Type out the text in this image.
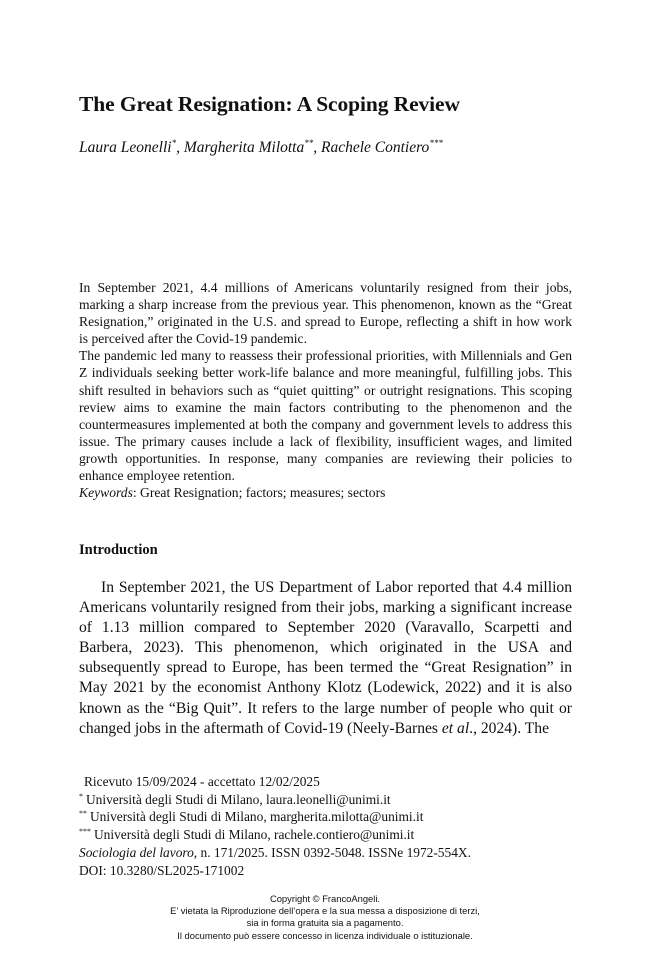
The Great Resignation: A Scoping Review
Laura Leonelli*, Margherita Milotta**, Rachele Contiero***

In September 2021, 4.4 millions of Americans voluntarily resigned from their jobs, marking a sharp increase from the previous year. This phenomenon, known as the “Great Resignation,” originated in the U.S. and spread to Europe, reflecting a shift in how work is perceived after the Covid-19 pandemic.

The pandemic led many to reassess their professional priorities, with Millennials and Gen Z individuals seeking better work-life balance and more meaningful, fulfilling jobs. This shift resulted in behaviors such as “quiet quitting” or outright resignations. This scoping review aims to examine the main factors contributing to the phenomenon and the countermeasures implemented at both the company and government levels to address this issue. The primary causes include a lack of flexibility, insufficient wages, and limited growth opportunities. In response, many companies are reviewing their policies to enhance employee retention.

Keywords: Great Resignation; factors; measures; sectors

Introduction

In September 2021, the US Department of Labor reported that 4.4 million Americans voluntarily resigned from their jobs, marking a significant increase of 1.13 million compared to September 2020 (Varavallo, Scarpetti and Barbera, 2023). This phenomenon, which originated in the USA and subsequently spread to Europe, has been termed the “Great Resignation” in May 2021 by the economist Anthony Klotz (Lodewick, 2022) and it is also known as the “Big Quit”. It refers to the large number of people who quit or changed jobs in the aftermath of Covid-19 (Neely-Barnes et al., 2024). The

Ricevuto 15/09/2024 - accettato 12/02/2025
* Università degli Studi di Milano, laura.leonelli@unimi.it
** Università degli Studi di Milano, margherita.milotta@unimi.it
*** Università degli Studi di Milano, rachele.contiero@unimi.it
Sociologia del lavoro, n. 171/2025. ISSN 0392-5048. ISSNe 1972-554X.
DOI: 10.3280/SL2025-171002
Copyright © FrancoAngeli.
E’ vietata la Riproduzione dell’opera e la sua messa a disposizione di terzi,
sia in forma gratuita sia a pagamento.
Il documento può essere concesso in licenza individuale o istituzionale.
